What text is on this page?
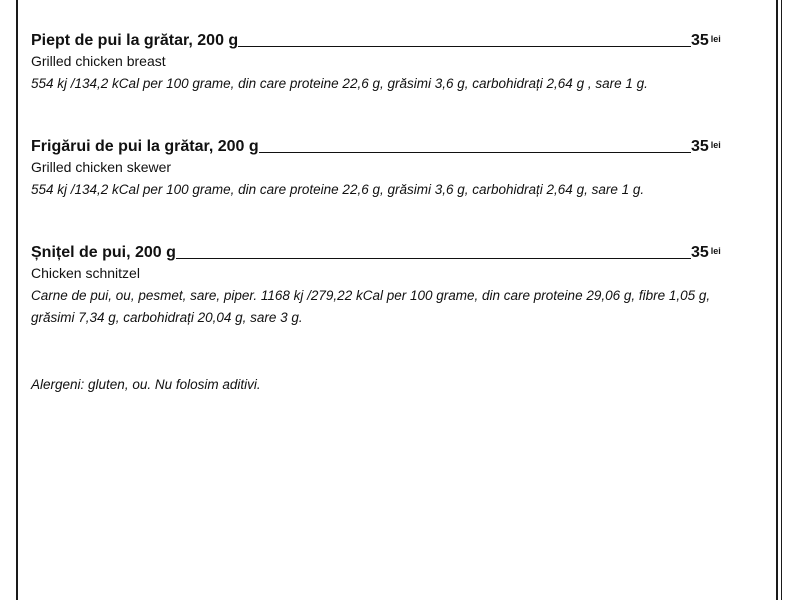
Piept de pui la grătar, 200 g	35 lei
Grilled chicken breast
554 kj /134,2 kCal per 100 grame, din care proteine 22,6 g, grăsimi 3,6 g, carbohidrați 2,64 g , sare 1 g.
Frigărui de pui la grătar, 200 g	35 lei
Grilled chicken skewer
554 kj /134,2 kCal per 100 grame, din care proteine 22,6 g, grăsimi 3,6 g, carbohidrați 2,64 g, sare 1 g.
Șnițel de pui, 200 g	35 lei
Chicken schnitzel
Carne de pui, ou, pesmet, sare, piper. 1168 kj /279,22 kCal per 100 grame, din care proteine 29,06 g, fibre 1,05 g, grăsimi 7,34 g, carbohidrați 20,04 g, sare 3 g.
Alergeni: gluten, ou. Nu folosim aditivi.
